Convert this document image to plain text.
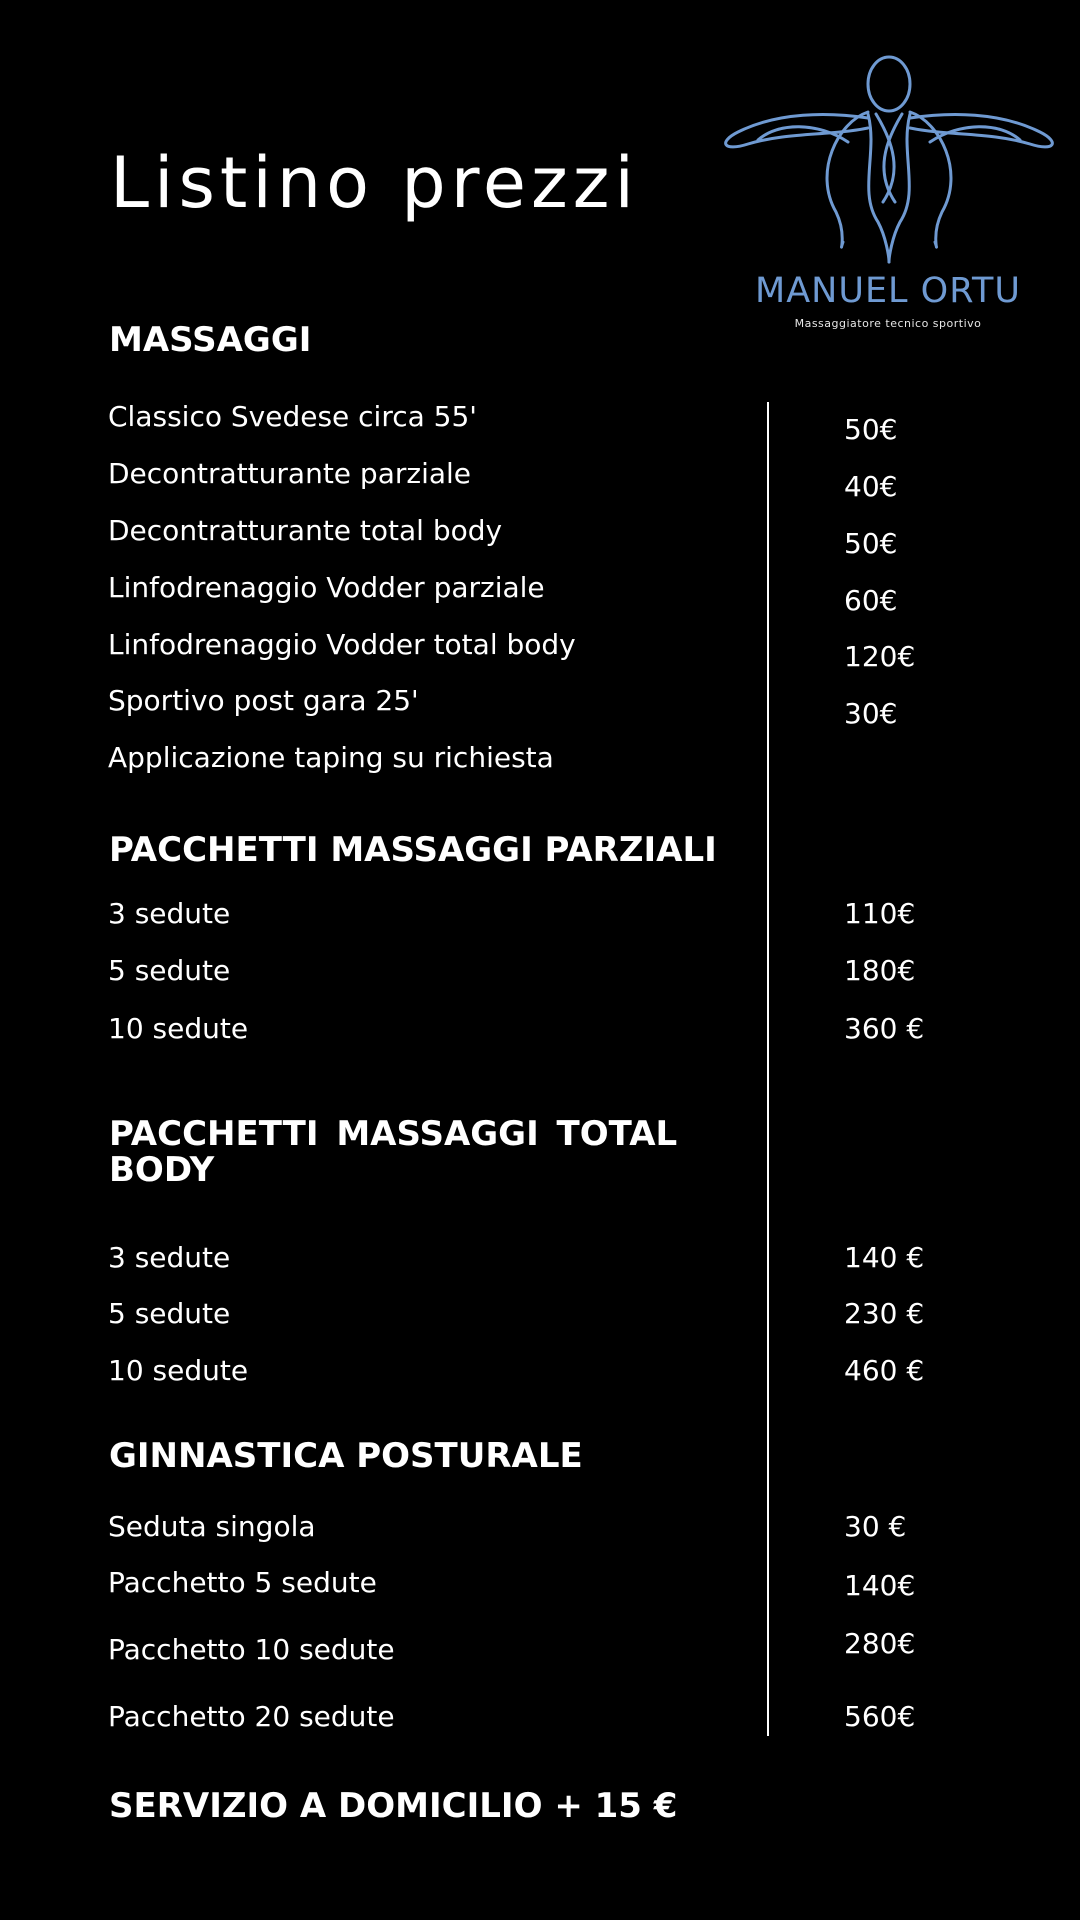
Listino prezzi
MANUEL ORTU
Massaggiatore tecnico sportivo
MASSAGGI
Classico Svedese circa 55'	50€
Decontratturante parziale	40€
Decontratturante total body	50€
Linfodrenaggio Vodder parziale	60€
Linfodrenaggio Vodder total body	120€
Sportivo post gara 25'	30€
Applicazione taping su richiesta
PACCHETTI MASSAGGI PARZIALI
3 sedute	110€
5 sedute	180€
10 sedute	360 €
PACCHETTI MASSAGGI TOTAL BODY
3 sedute	140 €
5 sedute	230 €
10 sedute	460 €
GINNASTICA POSTURALE
Seduta singola	30 €
Pacchetto 5 sedute	140€
Pacchetto 10 sedute	280€
Pacchetto 20 sedute	560€
SERVIZIO A DOMICILIO + 15 €
